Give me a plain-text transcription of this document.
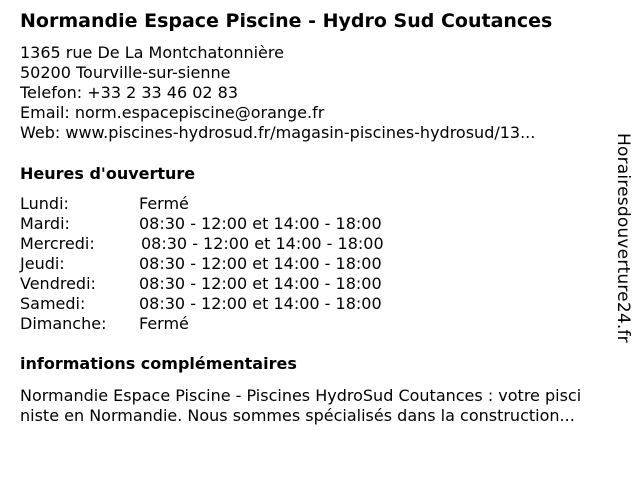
Normandie Espace Piscine - Hydro Sud Coutances
1365 rue De La Montchatonnière
50200 Tourville-sur-sienne
Telefon: +33 2 33 46 02 83
Email: norm.espacepiscine@orange.fr
Web: www.piscines-hydrosud.fr/magasin-piscines-hydrosud/13...
Heures d'ouverture
Lundi:	Fermé
Mardi:	08:30 - 12:00 et 14:00 - 18:00
Mercredi:	08:30 - 12:00 et 14:00 - 18:00
Jeudi:	08:30 - 12:00 et 14:00 - 18:00
Vendredi:	08:30 - 12:00 et 14:00 - 18:00
Samedi:	08:30 - 12:00 et 14:00 - 18:00
Dimanche: Fermé
informations complémentaires
Normandie Espace Piscine - Piscines HydroSud Coutances : votre pisci
niste en Normandie. Nous sommes spécialisés dans la construction...
Horairesdouverture24.fr
